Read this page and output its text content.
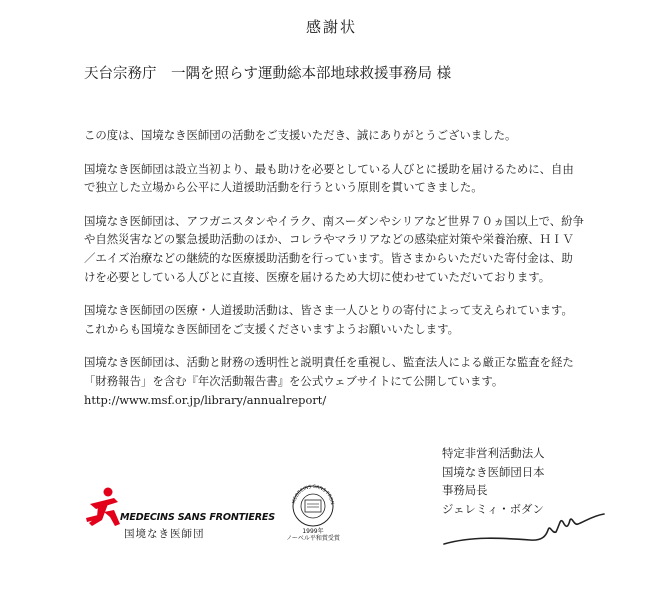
感謝状
天台宗務庁　一隅を照らす運動総本部地球救援事務局 様

この度は、国境なき医師団の活動をご支援いただき、誠にありがとうございました。

国境なき医師団は設立当初より、最も助けを必要としている人びとに援助を届けるために、自由で独立した立場から公平に人道援助活動を行うという原則を貫いてきました。

国境なき医師団は、アフガニスタンやイラク、南スーダンやシリアなど世界７０ヵ国以上で、紛争や自然災害などの緊急援助活動のほか、コレラやマラリアなどの感染症対策や栄養治療、ＨＩＶ／エイズ治療などの継続的な医療援助活動を行っています。皆さまからいただいた寄付金は、助けを必要としている人びとに直接、医療を届けるため大切に使わせていただいております。

国境なき医師団の医療・人道援助活動は、皆さま一人ひとりの寄付によって支えられています。これからも国境なき医師団をご支援くださいますようお願いいたします。

国境なき医師団は、活動と財務の透明性と説明責任を重視し、監査法人による厳正な監査を経た「財務報告」を含む『年次活動報告書』を公式ウェブサイトにて公開しています。http://www.msf.or.jp/library/annualreport/

特定非営利活動法人
国境なき医師団日本
事務局長
ジェレミィ・ボダン
MEDECINS SANS FRONTIERES
国境なき医師団
MEDECINS SANS FRON
1999年
ノーベル平和賞受賞
